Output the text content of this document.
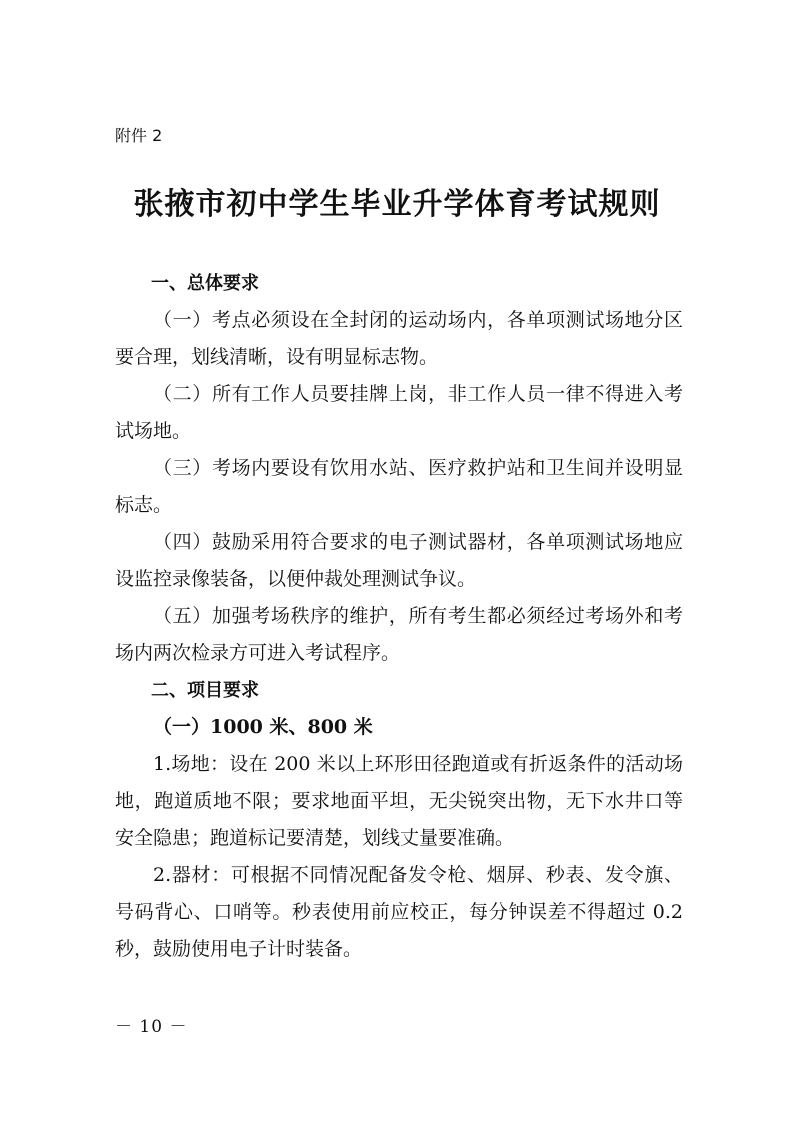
附件 2
张掖市初中学生毕业升学体育考试规则

一、总体要求

（一）考点必须设在全封闭的运动场内，各单项测试场地分区要合理，划线清晰，设有明显标志物。

（二）所有工作人员要挂牌上岗，非工作人员一律不得进入考试场地。

（三）考场内要设有饮用水站、医疗救护站和卫生间并设明显标志。

（四）鼓励采用符合要求的电子测试器材，各单项测试场地应设监控录像装备，以便仲裁处理测试争议。

（五）加强考场秩序的维护，所有考生都必须经过考场外和考场内两次检录方可进入考试程序。

二、项目要求

（一）1000 米、800 米

1.场地：设在 200 米以上环形田径跑道或有折返条件的活动场地，跑道质地不限；要求地面平坦，无尖锐突出物，无下水井口等安全隐患；跑道标记要清楚，划线丈量要准确。

2.器材：可根据不同情况配备发令枪、烟屏、秒表、发令旗、号码背心、口哨等。秒表使用前应校正，每分钟误差不得超过 0.2 秒，鼓励使用电子计时装备。

－ 10 －
